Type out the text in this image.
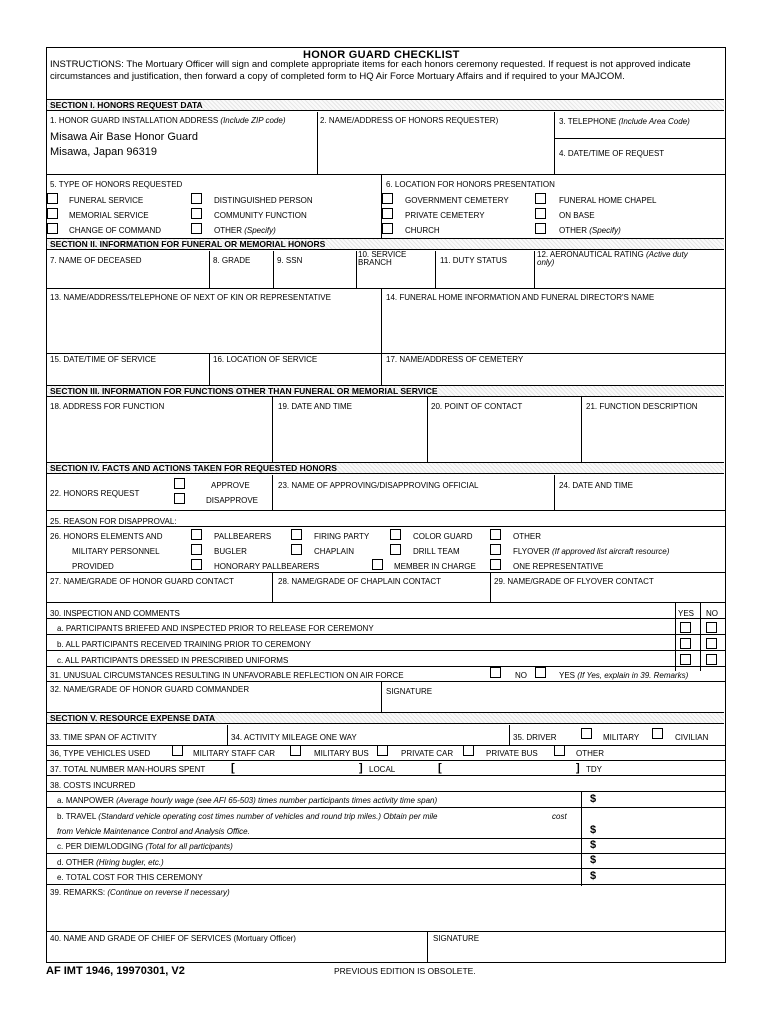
HONOR GUARD CHECKLIST
INSTRUCTIONS: The Mortuary Officer will sign and complete appropriate items for each honors ceremony requested. If request is not approved indicate circumstances and justification, then forward a copy of completed form to HQ Air Force Mortuary Affairs and if required to your MAJCOM.
SECTION I. HONORS REQUEST DATA
1. HONOR GUARD INSTALLATION ADDRESS (Include ZIP code)
Misawa Air Base Honor Guard
Misawa, Japan 96319
2. NAME/ADDRESS OF HONORS REQUESTER)	3. TELEPHONE (Include Area Code)
4. DATE/TIME OF REQUEST
5. TYPE OF HONORS REQUESTED	6. LOCATION FOR HONORS PRESENTATION
FUNERAL SERVICE	DISTINGUISHED PERSON
MEMORIAL SERVICE	COMMUNITY FUNCTION
CHANGE OF COMMAND	OTHER (Specify)
GOVERNMENT CEMETERY	FUNERAL HOME CHAPEL
PRIVATE CEMETERY	ON BASE
CHURCH	OTHER (Specify)
SECTION II. INFORMATION FOR FUNERAL OR MEMORIAL HONORS
7. NAME OF DECEASED	8. GRADE	9. SSN
10. SERVICE
BRANCH	11. DUTY STATUS
12. AERONAUTICAL RATING (Active duty
only)
13. NAME/ADDRESS/TELEPHONE OF NEXT OF KIN OR REPRESENTATIVE	14. FUNERAL HOME INFORMATION AND FUNERAL DIRECTOR'S NAME
15. DATE/TIME OF SERVICE	16. LOCATION OF SERVICE	17. NAME/ADDRESS OF CEMETERY
SECTION III. INFORMATION FOR FUNCTIONS OTHER THAN FUNERAL OR MEMORIAL SERVICE
18. ADDRESS FOR FUNCTION	19. DATE AND TIME	20. POINT OF CONTACT	21. FUNCTION DESCRIPTION
SECTION IV. FACTS AND ACTIONS TAKEN FOR REQUESTED HONORS
22. HONORS REQUEST
APPROVE
DISAPPROVE
23. NAME OF APPROVING/DISAPPROVING OFFICIAL	24. DATE AND TIME
25. REASON FOR DISAPPROVAL:
26. HONORS ELEMENTS AND
MILITARY PERSONNEL
PROVIDED
PALLBEARERS	FIRING PARTY	COLOR GUARD	OTHER
BUGLER	CHAPLAIN	DRILL TEAM	FLYOVER (If approved list aircraft resource)
HONORARY PALLBEARERS	MEMBER IN CHARGE	ONE REPRESENTATIVE
27. NAME/GRADE OF HONOR GUARD CONTACT	28. NAME/GRADE OF CHAPLAIN CONTACT	29. NAME/GRADE OF FLYOVER CONTACT
30. INSPECTION AND COMMENTS	YES NO
a. PARTICIPANTS BRIEFED AND INSPECTED PRIOR TO RELEASE FOR CEREMONY
b. ALL PARTICIPANTS RECEIVED TRAINING PRIOR TO CEREMONY
c. ALL PARTICIPANTS DRESSED IN PRESCRIBED UNIFORMS
31. UNUSUAL CIRCUMSTANCES RESULTING IN UNFAVORABLE REFLECTION ON AIR FORCE	NO	YES (If Yes, explain in 39. Remarks)
32. NAME/GRADE OF HONOR GUARD COMMANDER	SIGNATURE
SECTION V. RESOURCE EXPENSE DATA
33. TIME SPAN OF ACTIVITY	34. ACTIVITY MILEAGE ONE WAY	35. DRIVER	MILITARY	CIVILIAN
36, TYPE VEHICLES USED	MILITARY STAFF CAR	MILITARY BUS	PRIVATE CAR	PRIVATE BUS	OTHER
37. TOTAL NUMBER MAN-HOURS SPENT [	] LOCAL	[	] TDY
38. COSTS INCURRED
a. MANPOWER (Average hourly wage (see AFI 65-503) times number participants times activity time span)	$
b. TRAVEL (Standard vehicle operating cost times number of vehicles and round trip miles.) Obtain per mile	cost
from Vehicle Maintenance Control and Analysis Office.	$
c. PER DIEM/LODGING (Total for all participants)	$
d. OTHER (Hiring bugler, etc.)	$
e. TOTAL COST FOR THIS CEREMONY	$
39. REMARKS: (Continue on reverse if necessary)
40. NAME AND GRADE OF CHIEF OF SERVICES (Mortuary Officer)	SIGNATURE
AF IMT 1946, 19970301, V2	PREVIOUS EDITION IS OBSOLETE.
